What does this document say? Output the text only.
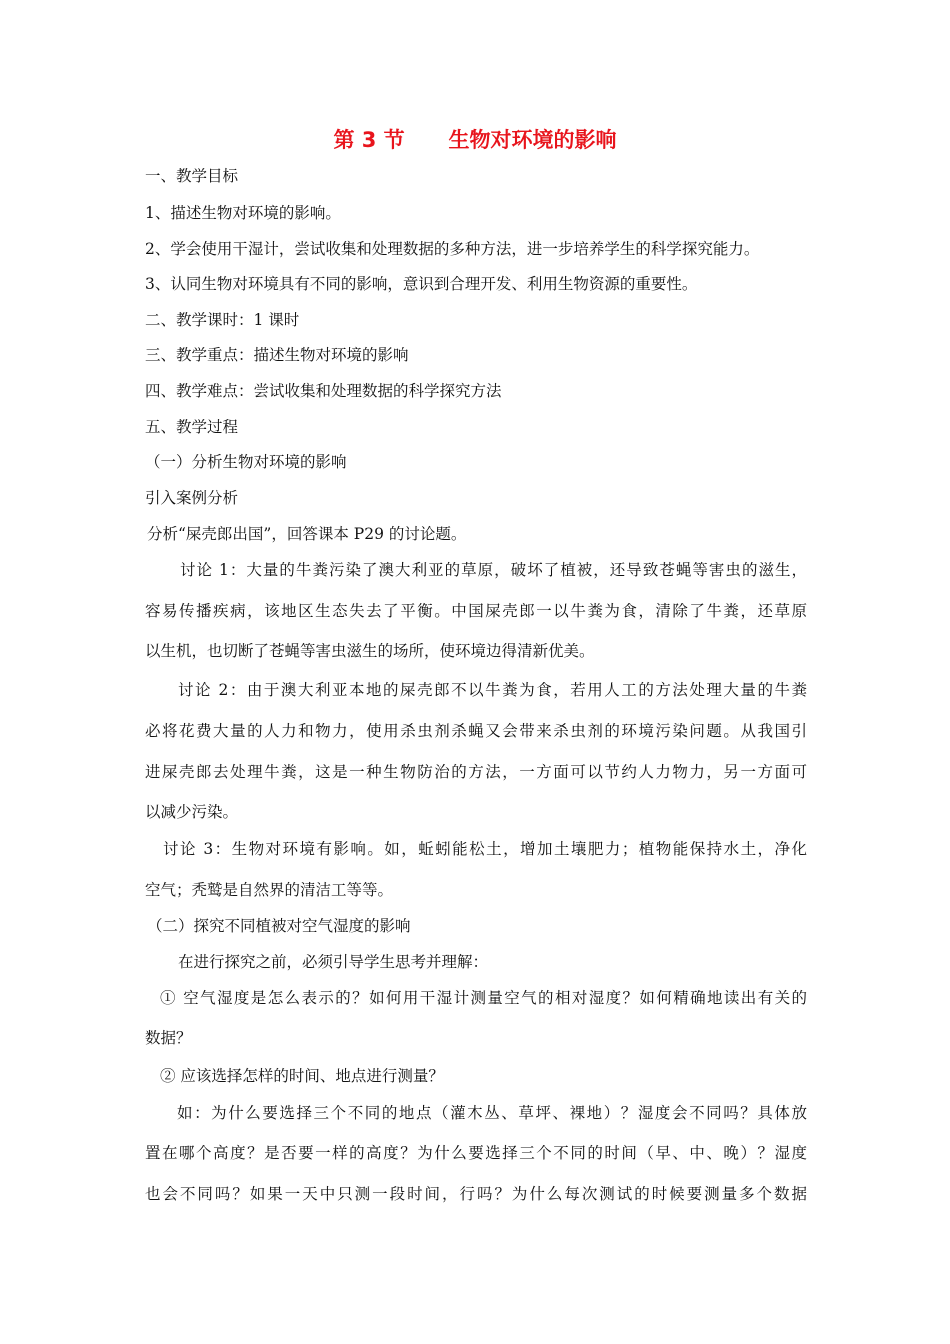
第 3 节      生物对环境的影响
一、教学目标
1、描述生物对环境的影响。
2、学会使用干湿计，尝试收集和处理数据的多种方法，进一步培养学生的科学探究能力。
3、认同生物对环境具有不同的影响，意识到合理开发、利用生物资源的重要性。
二、教学课时：1 课时
三、教学重点：描述生物对环境的影响
四、教学难点：尝试收集和处理数据的科学探究方法
五、教学过程
（一）分析生物对环境的影响
引入案例分析
分析“屎壳郎出国”，回答课本 P29 的讨论题。
讨论 1：大量的牛粪污染了澳大利亚的草原，破坏了植被，还导致苍蝇等害虫的滋生，
容易传播疾病，该地区生态失去了平衡。中国屎壳郎一以牛粪为食，清除了牛粪，还草原
以生机，也切断了苍蝇等害虫滋生的场所，使环境边得清新优美。
讨论 2：由于澳大利亚本地的屎壳郎不以牛粪为食，若用人工的方法处理大量的牛粪
必将花费大量的人力和物力，使用杀虫剂杀蝇又会带来杀虫剂的环境污染问题。从我国引
进屎壳郎去处理牛粪，这是一种生物防治的方法，一方面可以节约人力物力，另一方面可
以减少污染。
讨论 3：生物对环境有影响。如，蚯蚓能松土，增加土壤肥力；植物能保持水土，净化
空气；秃鹫是自然界的清洁工等等。
（二）探究不同植被对空气湿度的影响
在进行探究之前，必须引导学生思考并理解：
① 空气湿度是怎么表示的？如何用干湿计测量空气的相对湿度？如何精确地读出有关的
数据？
② 应该选择怎样的时间、地点进行测量？
如：为什么要选择三个不同的地点（灌木丛、草坪、裸地）？湿度会不同吗？具体放
置在哪个高度？是否要一样的高度？为什么要选择三个不同的时间（早、中、晚）？湿度
也会不同吗？如果一天中只测一段时间，行吗？为什么每次测试的时候要测量多个数据
